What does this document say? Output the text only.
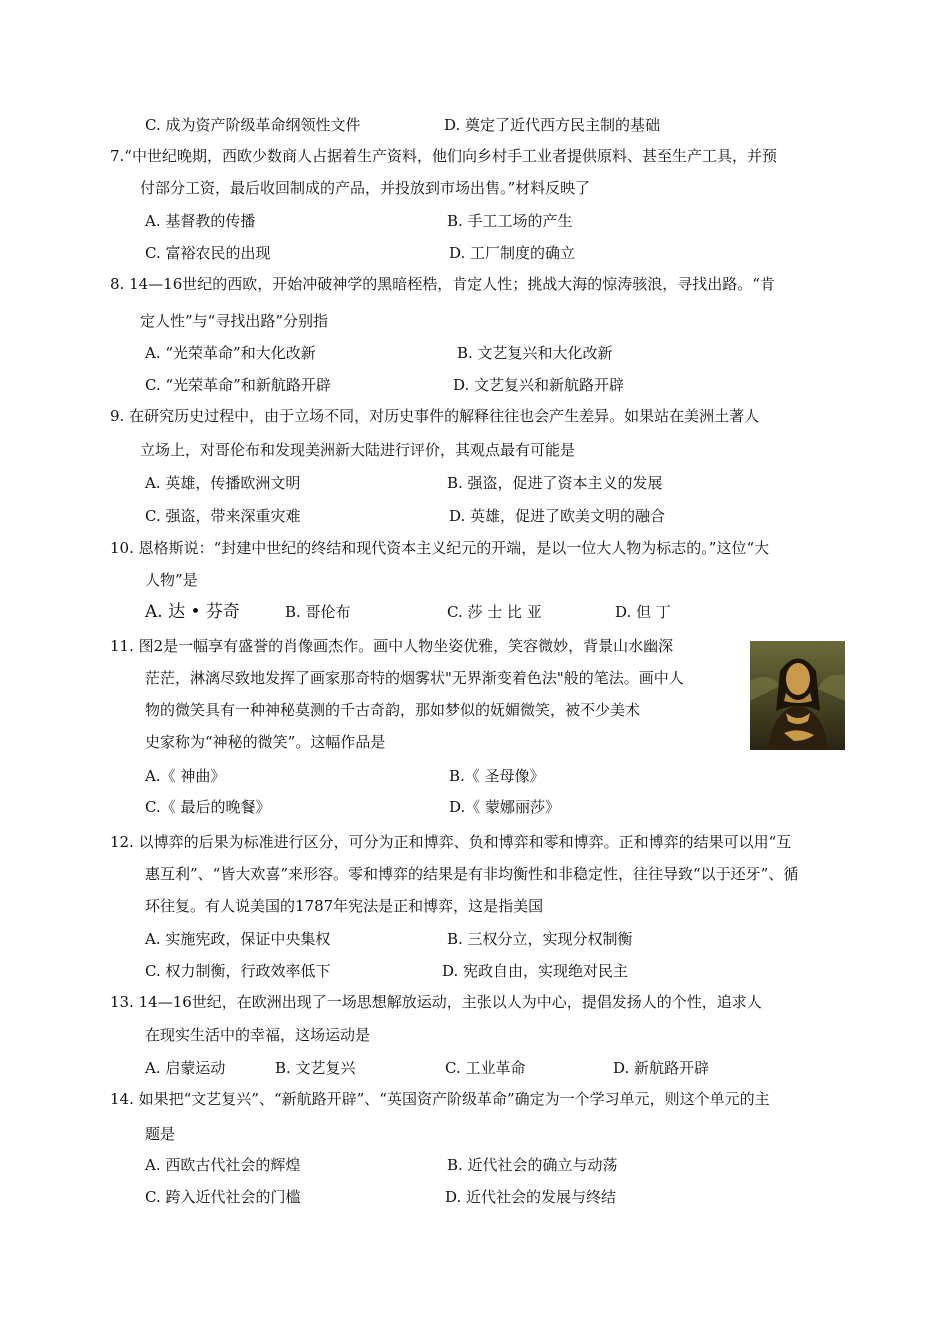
C. 成为资产阶级革命纲领性文件	D. 奠定了近代西方民主制的基础
7.“中世纪晚期，西欧少数商人占据着生产资料，他们向乡村手工业者提供原料、甚至生产工具，并预
付部分工资，最后收回制成的产品，并投放到市场出售。”材料反映了
A. 基督教的传播	B. 手工工场的产生
C. 富裕农民的出现	D. 工厂制度的确立
8. 14—16世纪的西欧，开始冲破神学的黑暗桎梏，肯定人性；挑战大海的惊涛骇浪，寻找出路。“肯
定人性”与“寻找出路”分别指
A. “光荣革命”和大化改新	B. 文艺复兴和大化改新
C. “光荣革命”和新航路开辟	D. 文艺复兴和新航路开辟
9. 在研究历史过程中，由于立场不同，对历史事件的解释往往也会产生差异。如果站在美洲土著人
立场上，对哥伦布和发现美洲新大陆进行评价，其观点最有可能是
A. 英雄，传播欧洲文明	B. 强盗，促进了资本主义的发展
C. 强盗，带来深重灾难	D. 英雄，促进了欧美文明的融合
10. 恩格斯说：“封建中世纪的终结和现代资本主义纪元的开端，是以一位大人物为标志的。”这位“大
人物”是
A. 达 • 芬奇	B. 哥伦布	C. 莎 士 比 亚	D. 但 丁
11. 图2是一幅享有盛誉的肖像画杰作。画中人物坐姿优雅，笑容微妙，背景山水幽深
茫茫，淋漓尽致地发挥了画家那奇特的烟雾状"无界渐变着色法"般的笔法。画中人
物的微笑具有一种神秘莫测的千古奇韵，那如梦似的妩媚微笑，被不少美术
史家称为“神秘的微笑”。这幅作品是
A.《 神曲》	B.《 圣母像》
C.《 最后的晚餐》	D.《 蒙娜丽莎》
12. 以博弈的后果为标准进行区分，可分为正和博弈、负和博弈和零和博弈。正和博弈的结果可以用“互
惠互利”、“皆大欢喜”来形容。零和博弈的结果是有非均衡性和非稳定性，往往导致“以于还牙”、循
环往复。有人说美国的1787年宪法是正和博弈，这是指美国
A. 实施宪政，保证中央集权	B. 三权分立，实现分权制衡
C. 权力制衡，行政效率低下	D. 宪政自由，实现绝对民主
13. 14—16世纪，在欧洲出现了一场思想解放运动，主张以人为中心，提倡发扬人的个性，追求人
在现实生活中的幸福，这场运动是
A. 启蒙运动	B. 文艺复兴	C. 工业革命	D. 新航路开辟
14. 如果把“文艺复兴”、“新航路开辟”、“英国资产阶级革命”确定为一个学习单元，则这个单元的主
题是
A. 西欧古代社会的辉煌	B. 近代社会的确立与动荡
C. 跨入近代社会的门槛	D. 近代社会的发展与终结
